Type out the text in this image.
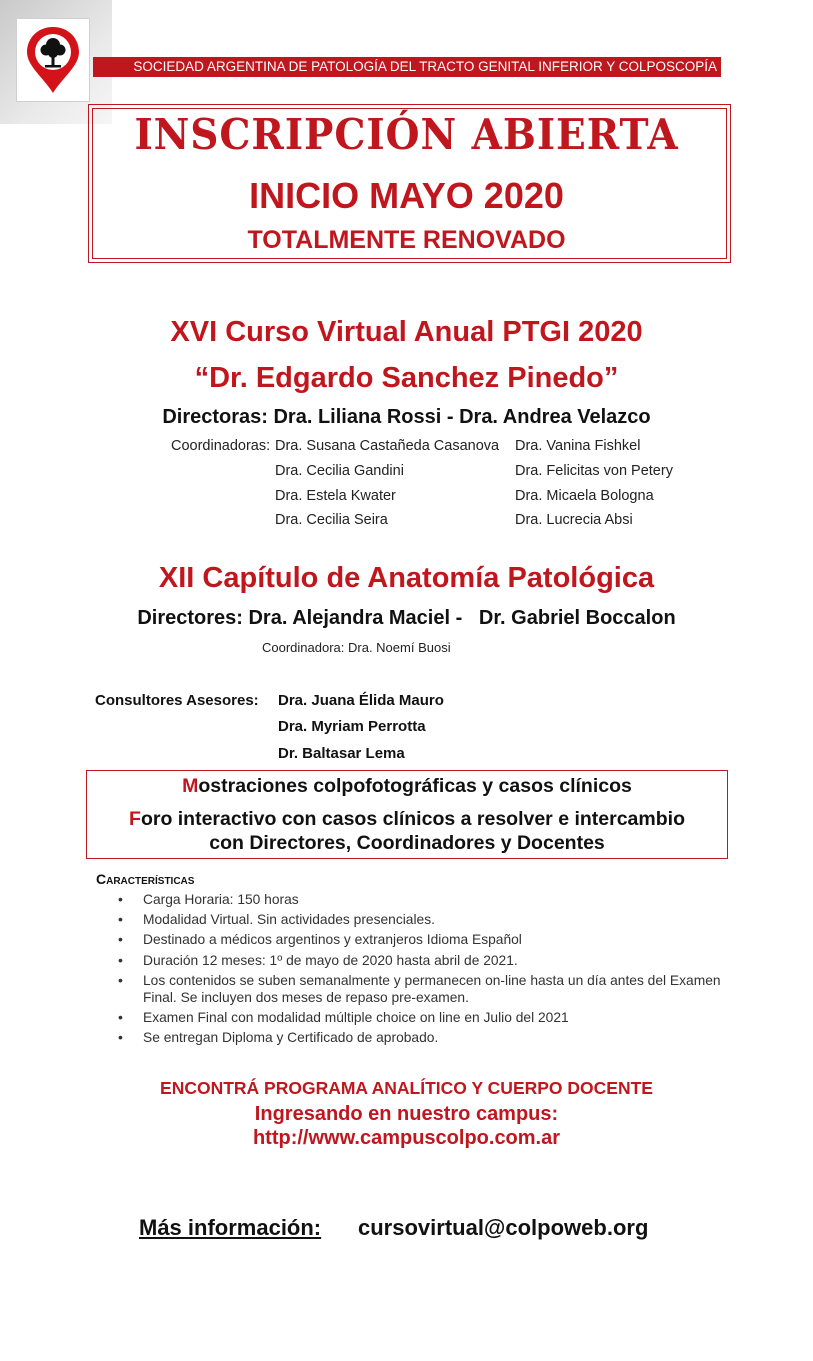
SOCIEDAD ARGENTINA DE PATOLOGÍA DEL TRACTO GENITAL INFERIOR Y COLPOSCOPÍA
INSCRIPCIÓN ABIERTA
INICIO MAYO 2020
TOTALMENTE RENOVADO
XVI Curso Virtual Anual PTGI 2020
“Dr. Edgardo Sanchez Pinedo”
Directoras: Dra. Liliana Rossi - Dra. Andrea Velazco
Coordinadoras: Dra. Susana Castañeda Casanova
Dra. Cecilia Gandini
Dra. Estela Kwater
Dra. Cecilia Seira
Dra. Vanina Fishkel
Dra. Felicitas von Petery
Dra. Micaela Bologna
Dra. Lucrecia Absi
XII Capítulo de Anatomía Patológica
Directores: Dra. Alejandra Maciel -   Dr. Gabriel Boccalon
Coordinadora: Dra. Noemí Buosi
Consultores Asesores: Dra. Juana Élida Mauro
Dra. Myriam Perrotta
Dr. Baltasar Lema
Mostraciones colpofotográficas y casos clínicos
Foro interactivo con casos clínicos a resolver e intercambio
con Directores, Coordinadores y Docentes
Características
• Carga Horaria: 150 horas
• Modalidad Virtual. Sin actividades presenciales.
• Destinado a médicos argentinos y extranjeros Idioma Español
• Duración 12 meses: 1º de mayo de 2020 hasta abril de 2021.
• Los contenidos se suben semanalmente y permanecen on-line hasta un día antes del Examen Final. Se incluyen dos meses de repaso pre-examen.
• Examen Final con modalidad múltiple choice on line en Julio del 2021
• Se entregan Diploma y Certificado de aprobado.
ENCONTRÁ PROGRAMA ANALÍTICO Y CUERPO DOCENTE
Ingresando en nuestro campus:
http://www.campuscolpo.com.ar
Más información: cursovirtual@colpoweb.org
